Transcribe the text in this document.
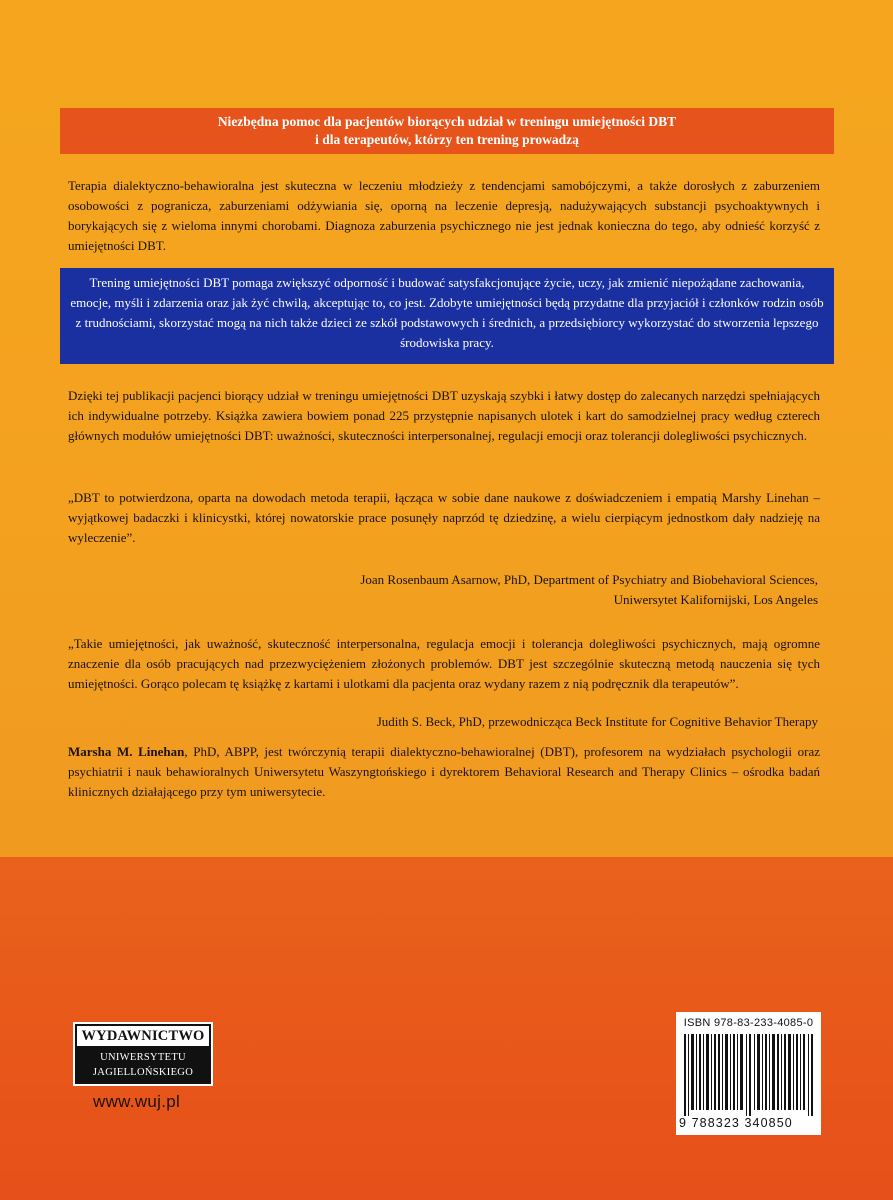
Niezbędna pomoc dla pacjentów biorących udział w treningu umiejętności DBT
i dla terapeutów, którzy ten trening prowadzą
Terapia dialektyczno-behawioralna jest skuteczna w leczeniu młodzieży z tendencjami samobójczymi, a także dorosłych z zaburzeniem osobowości z pogranicza, zaburzeniami odżywiania się, oporną na leczenie depresją, nadużywających substancji psychoaktywnych i borykających się z wieloma innymi chorobami. Diagnoza zaburzenia psychicznego nie jest jednak konieczna do tego, aby odnieść korzyść z umiejętności DBT.
Trening umiejętności DBT pomaga zwiększyć odporność i budować satysfakcjonujące życie, uczy, jak zmienić niepożądane zachowania, emocje, myśli i zdarzenia oraz jak żyć chwilą, akceptując to, co jest. Zdobyte umiejętności będą przydatne dla przyjaciół i członków rodzin osób z trudnościami, skorzystać mogą na nich także dzieci ze szkół podstawowych i średnich, a przedsiębiorcy wykorzystać do stworzenia lepszego środowiska pracy.
Dzięki tej publikacji pacjenci biorący udział w treningu umiejętności DBT uzyskają szybki i łatwy dostęp do zalecanych narzędzi spełniających ich indywidualne potrzeby. Książka zawiera bowiem ponad 225 przystępnie napisanych ulotek i kart do samodzielnej pracy według czterech głównych modułów umiejętności DBT: uważności, skuteczności interpersonalnej, regulacji emocji oraz tolerancji dolegliwości psychicznych.
„DBT to potwierdzona, oparta na dowodach metoda terapii, łącząca w sobie dane naukowe z doświadczeniem i empatią Marshy Linehan – wyjątkowej badaczki i klinicystki, której nowatorskie prace posunęły naprzód tę dziedzinę, a wielu cierpiącym jednostkom dały nadzieję na wyleczenie”.
Joan Rosenbaum Asarnow, PhD, Department of Psychiatry and Biobehavioral Sciences,
Uniwersytet Kalifornijski, Los Angeles
„Takie umiejętności, jak uważność, skuteczność interpersonalna, regulacja emocji i tolerancja dolegliwości psychicznych, mają ogromne znaczenie dla osób pracujących nad przezwyciężeniem złożonych problemów. DBT jest szczególnie skuteczną metodą nauczenia się tych umiejętności. Gorąco polecam tę książkę z kartami i ulotkami dla pacjenta oraz wydany razem z nią podręcznik dla terapeutów”.
Judith S. Beck, PhD, przewodnicząca Beck Institute for Cognitive Behavior Therapy
Marsha M. Linehan, PhD, ABPP, jest twórczynią terapii dialektyczno-behawioralnej (DBT), profesorem na wydziałach psychologii oraz psychiatrii i nauk behawioralnych Uniwersytetu Waszyngtońskiego i dyrektorem Behavioral Research and Therapy Clinics – ośrodka badań klinicznych działającego przy tym uniwersytecie.
WYDAWNICTWO
UNIWERSYTETU
JAGIELLOŃSKIEGO
www.wuj.pl
ISBN 978-83-233-4085-0
9 788323 340850
